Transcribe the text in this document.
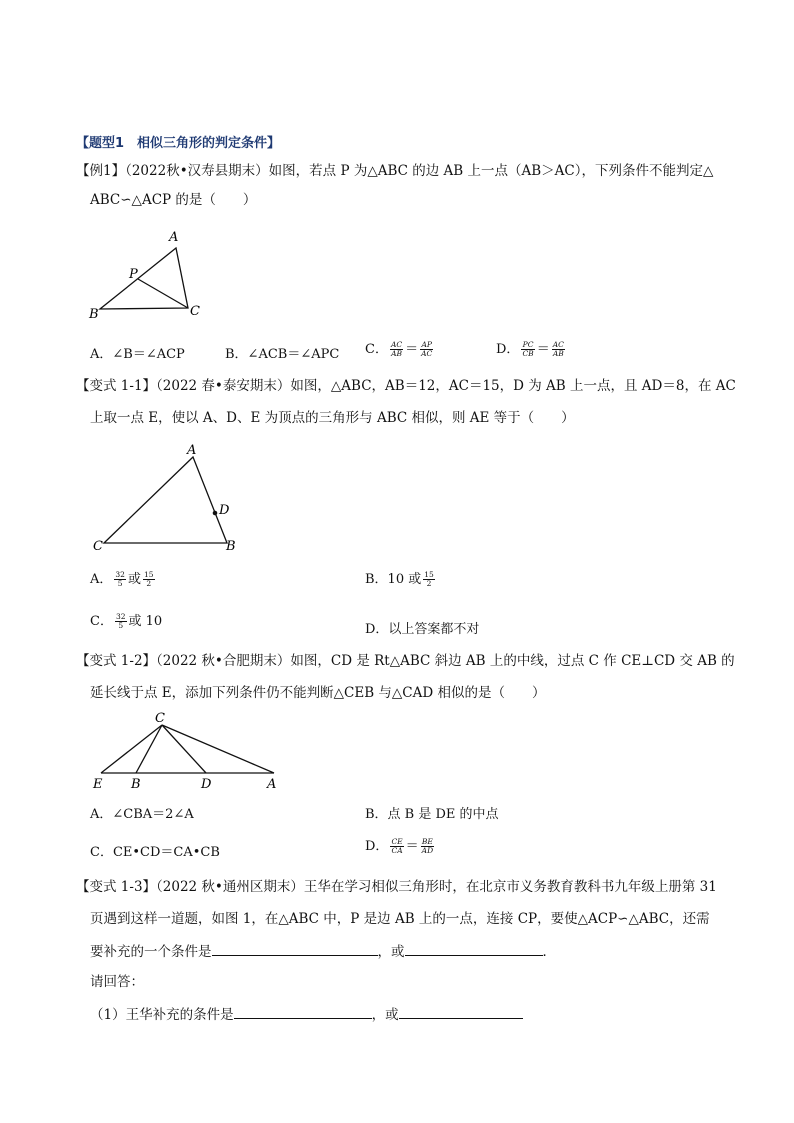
【题型1　相似三角形的判定条件】
【例1】（2022秋•汉寿县期末）如图，若点 P 为△ABC 的边 AB 上一点（AB＞AC），下列条件不能判定△
ABC∽△ACP 的是（　　）
A
P
B	C
A．∠B＝∠ACP	B．∠ACB＝∠APC C． $\frac{AC}{AB} = \frac{AP}{AC}$	D． $\frac{PC}{CB} = \frac{AC}{AB}$
【变式 1-1】（2022 春•泰安期末）如图，△ABC，AB＝12，AC＝15，D 为 AB 上一点，且 AD＝8，在 AC
上取一点 E，使以 A、D、E 为顶点的三角形与 ABC 相似，则 AE 等于（　　）
A
D
C	B
A． $\frac{32}{5}$ 或 $\frac{15}{2}$	B．10 或 $\frac{15}{2}$
C． $\frac{32}{5}$ 或 10
D．以上答案都不对
【变式 1-2】（2022 秋•合肥期末）如图，CD 是 Rt△ABC 斜边 AB 上的中线，过点 C 作 CE⊥CD 交 AB 的
延长线于点 E，添加下列条件仍不能判断△CEB 与△CAD 相似的是（　　）
C
E B	D	A
A．∠CBA＝2∠A	B．点 B 是 DE 的中点
C．CE•CD＝CA•CB	D． $\frac{CE}{CA} = \frac{BE}{AD}$
【变式 1-3】（2022 秋•通州区期末）王华在学习相似三角形时，在北京市义务教育教科书九年级上册第 31
页遇到这样一道题，如图 1，在△ABC 中，P 是边 AB 上的一点，连接 CP，要使△ACP∽△ABC，还需
要补充的一个条件是	，或	．
请回答：
（1）王华补充的条件是	，或
